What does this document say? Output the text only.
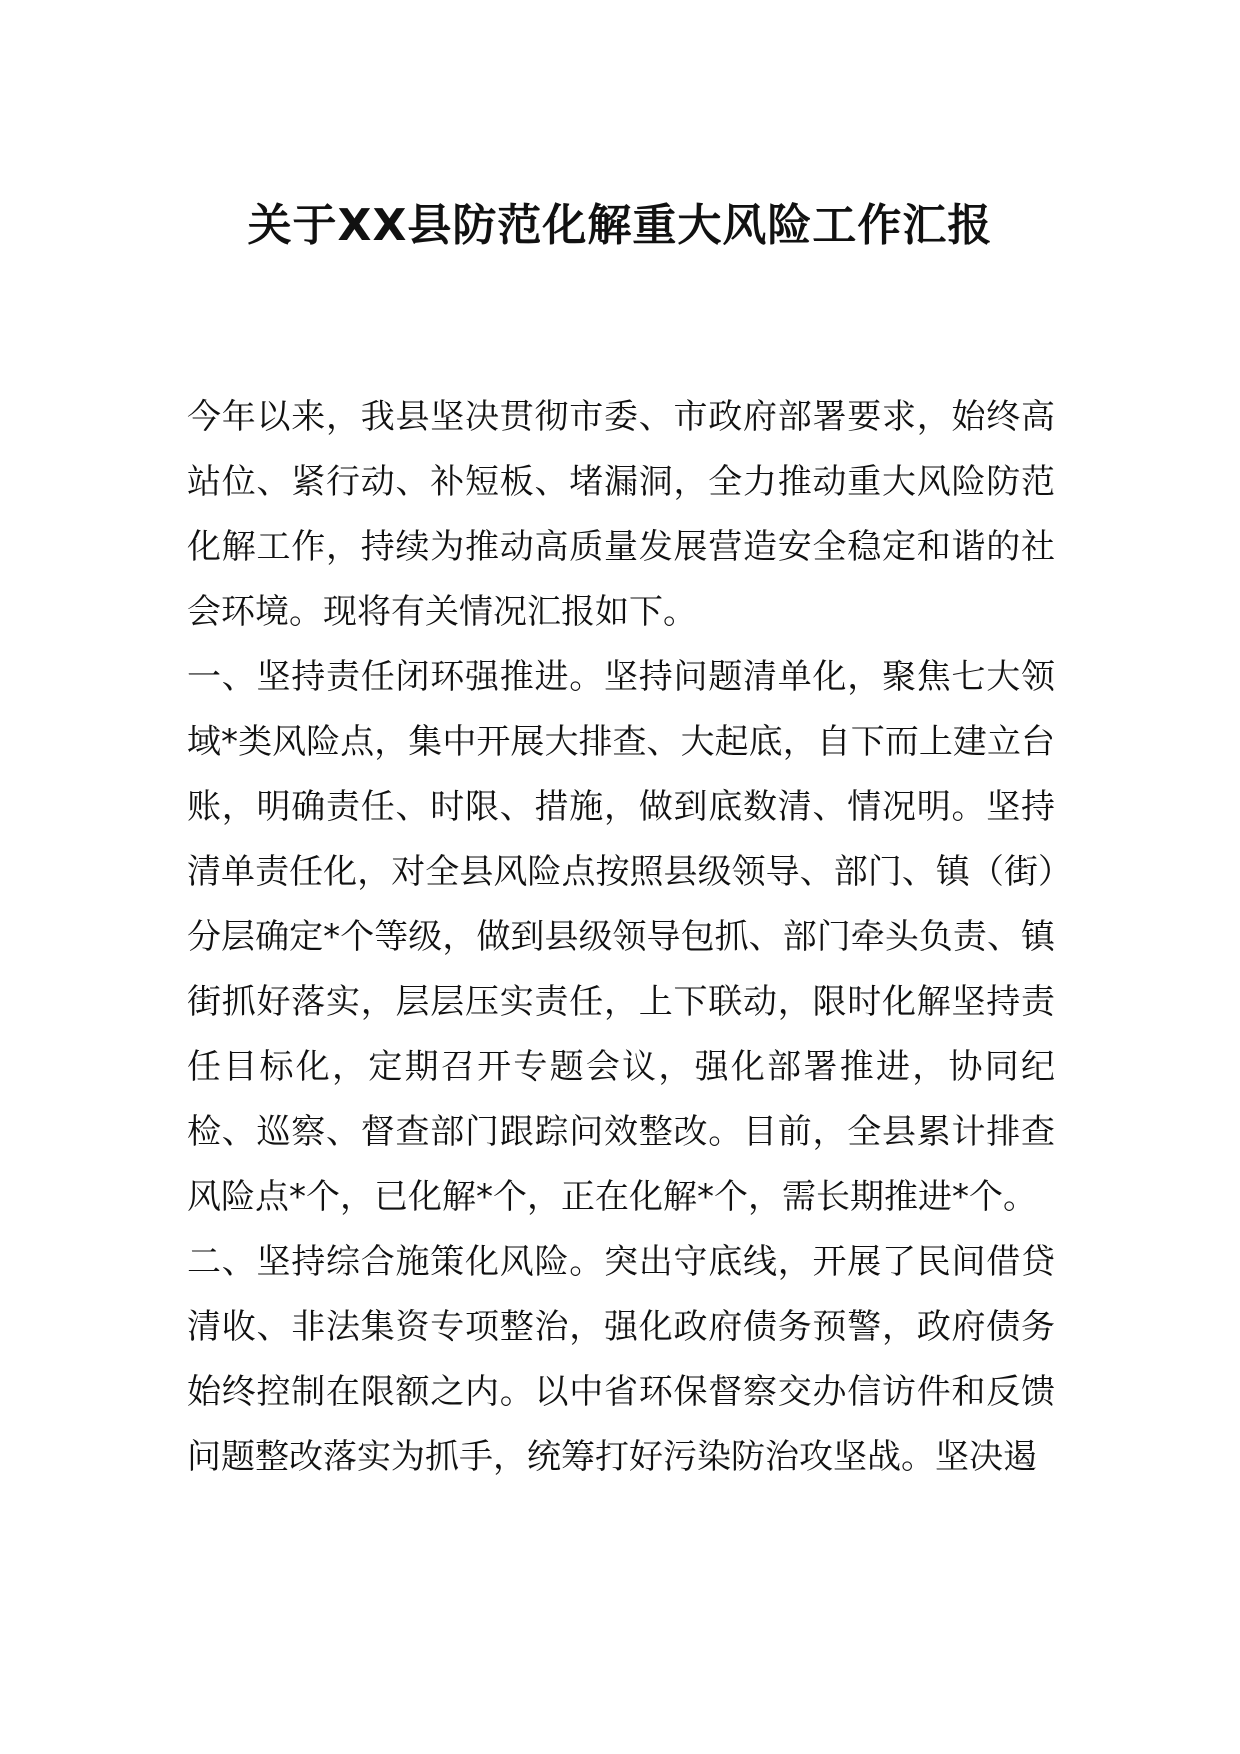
关于XX县防范化解重大风险工作汇报

今年以来，我县坚决贯彻市委、市政府部署要求，始终高站位、紧行动、补短板、堵漏洞，全力推动重大风险防范化解工作，持续为推动高质量发展营造安全稳定和谐的社会环境。现将有关情况汇报如下。

一、坚持责任闭环强推进。坚持问题清单化，聚焦七大领域*类风险点，集中开展大排查、大起底，自下而上建立台账，明确责任、时限、措施，做到底数清、情况明。坚持清单责任化，对全县风险点按照县级领导、部门、镇（街）分层确定*个等级，做到县级领导包抓、部门牵头负责、镇街抓好落实，层层压实责任，上下联动，限时化解坚持责任目标化，定期召开专题会议，强化部署推进，协同纪检、巡察、督查部门跟踪问效整改。目前，全县累计排查风险点*个，已化解*个，正在化解*个，需长期推进*个。

二、坚持综合施策化风险。突出守底线，开展了民间借贷清收、非法集资专项整治，强化政府债务预警，政府债务始终控制在限额之内。以中省环保督察交办信访件和反馈问题整改落实为抓手，统筹打好污染防治攻坚战。坚决遏
